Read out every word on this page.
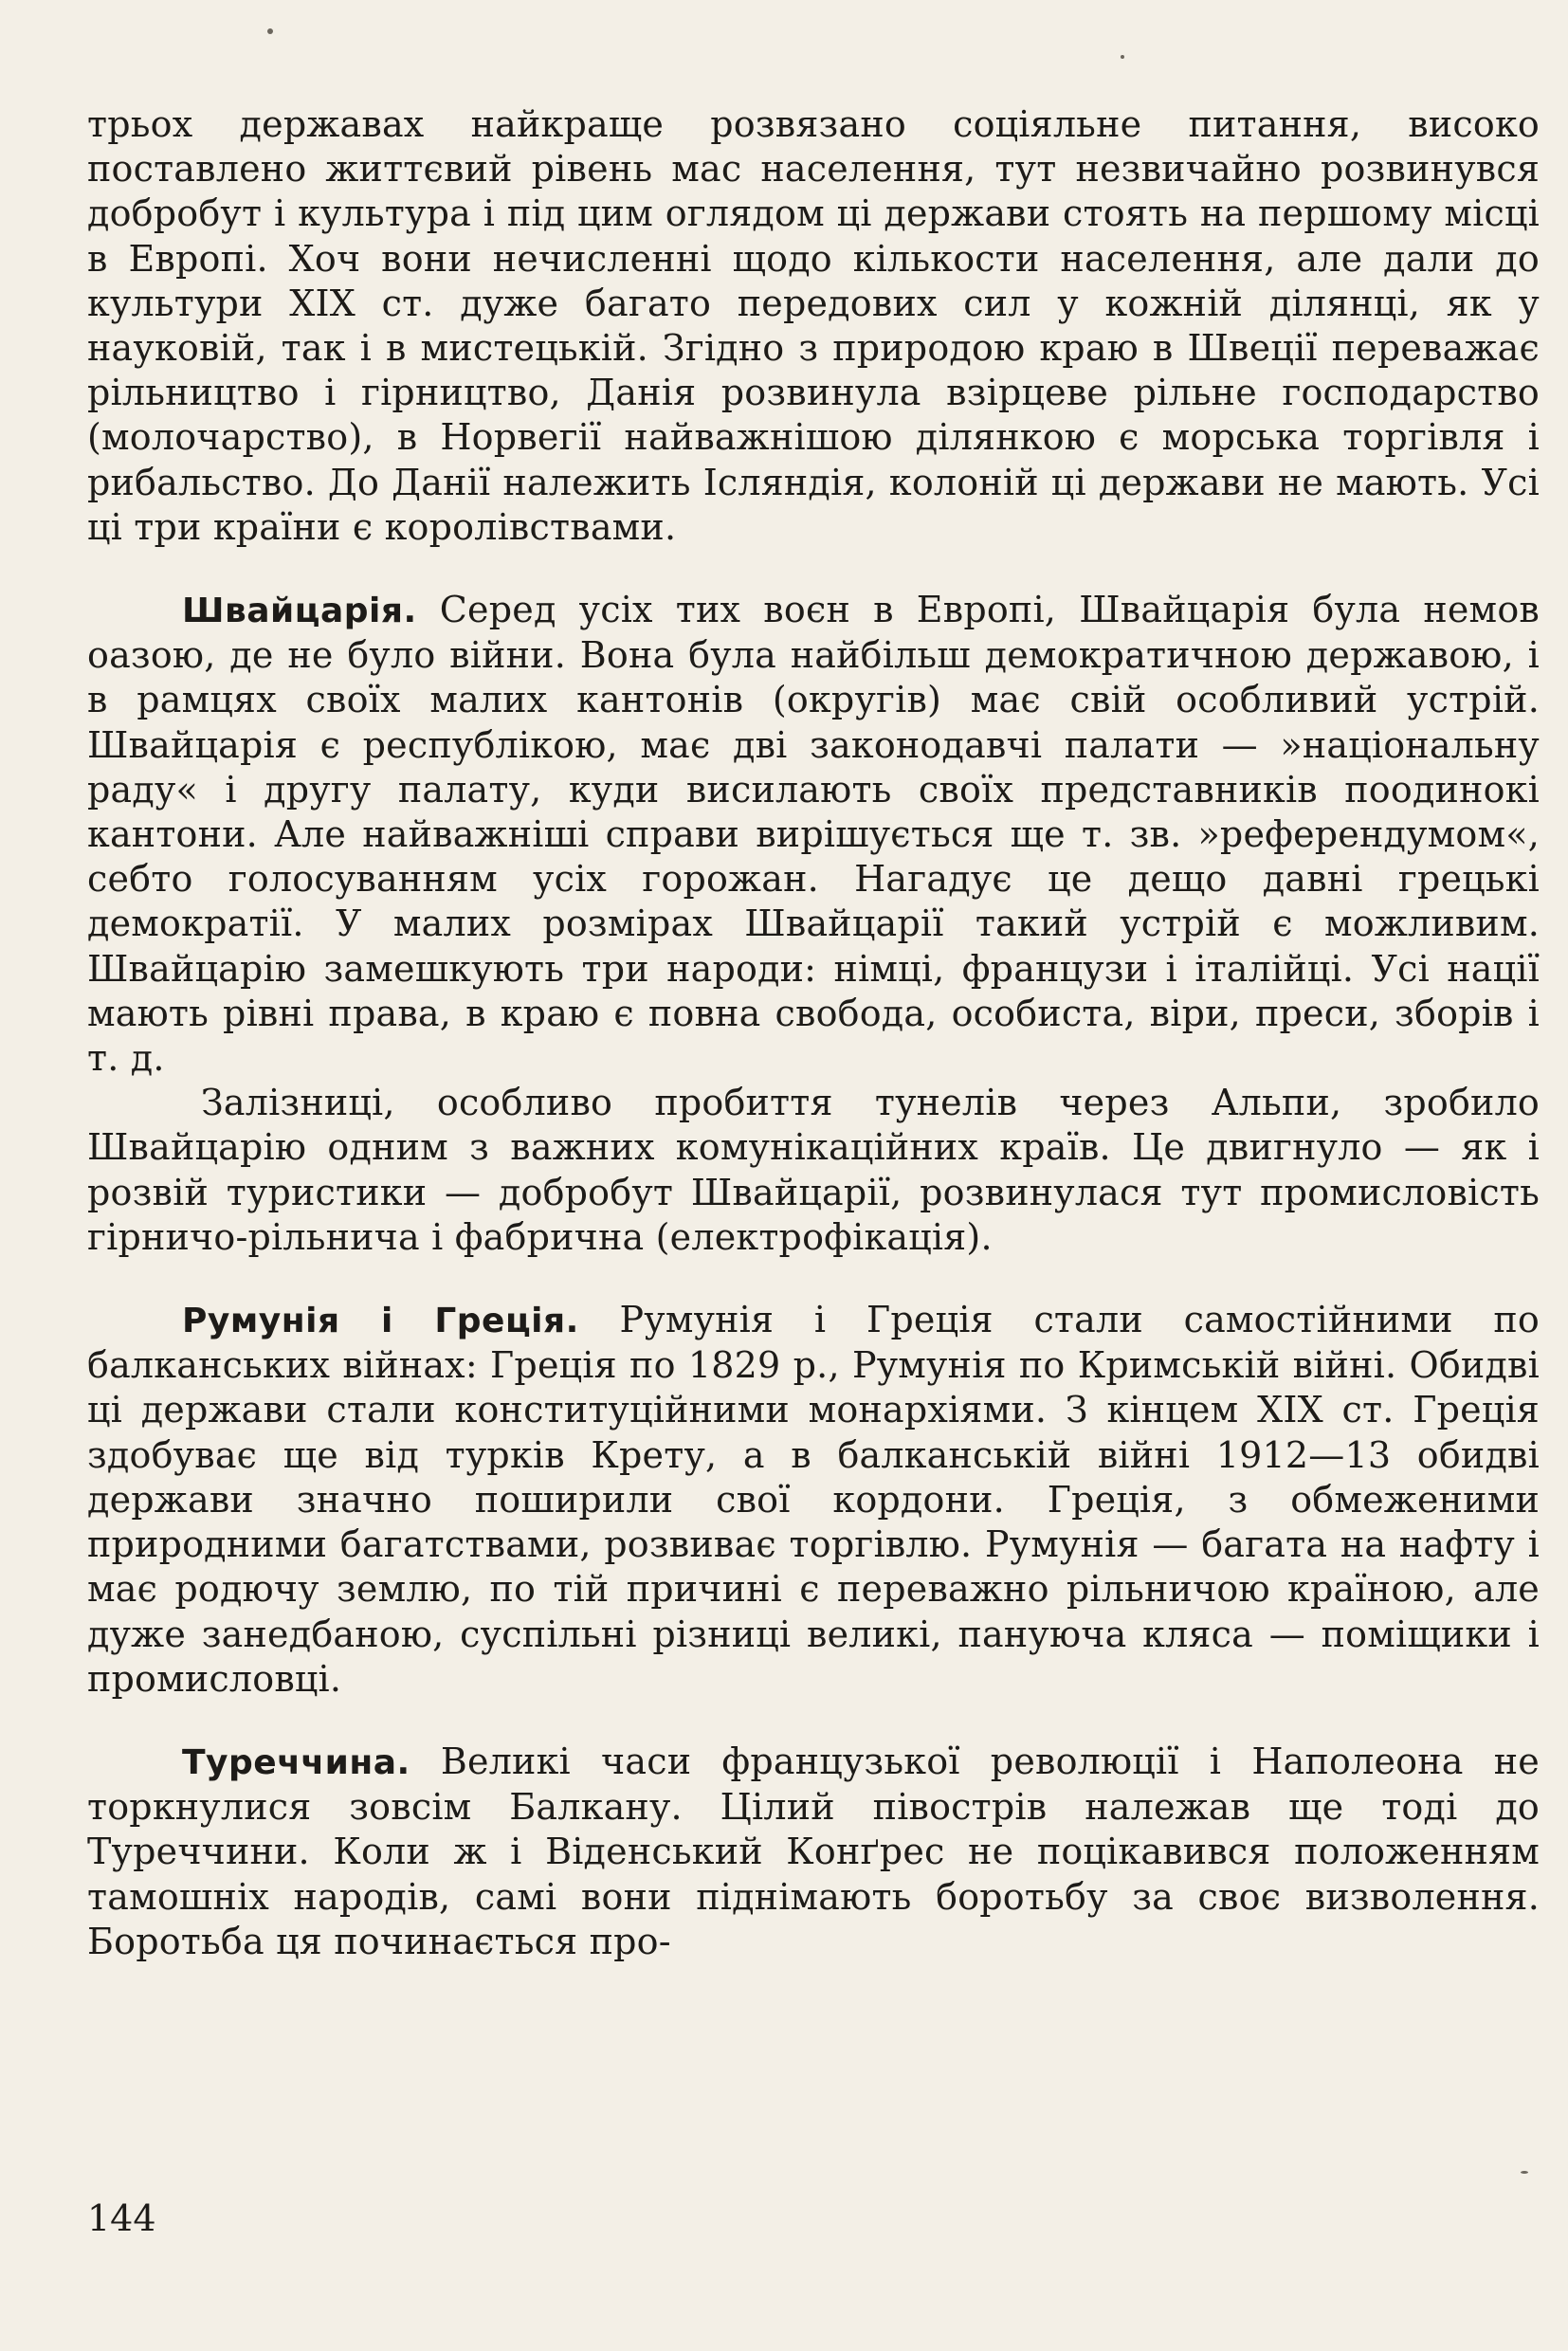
трьох державах найкраще розвязано соціяльне питання, високо поставлено життєвий рівень мас населення, тут незвичайно розвинувся добробут і культура і під цим оглядом ці держави стоять на першому місці в Европі. Хоч вони нечисленні щодо кількости населення, але дали до культури XIX ст. дуже багато передових сил у кожній ділянці, як у науковій, так і в мистецькій. Згідно з природою краю в Швеції переважає рільництво і гірництво, Данія розвинула взірцеве рільне господарство (молочарство), в Норвегії найважнішою ділянкою є морська торгівля і рибальство. До Данії належить Ісляндія, колоній ці держави не мають. Усі ці три країни є королівствами.

Швайцарія. Серед усіх тих воєн в Европі, Швайцарія була немов оазою, де не було війни. Вона була найбільш демократичною державою, і в рамцях своїх малих кантонів (округів) має свій особливий устрій. Швайцарія є республікою, має дві законодавчі палати — »національну раду« і другу палату, куди висилають своїх представників поодинокі кантони. Але найважніші справи вирішується ще т. зв. »референдумом«, себто голосуванням усіх горожан. Нагадує це дещо давні грецькі демократії. У малих розмірах Швайцарії такий устрій є можливим. Швайцарію замешкують три народи: німці, французи і італійці. Усі нації мають рівні права, в краю є повна свобода, особиста, віри, преси, зборів і т. д.

Залізниці, особливо пробиття тунелів через Альпи, зробило Швайцарію одним з важних комунікаційних країв. Це двигнуло — як і розвій туристики — добробут Швайцарії, розвинулася тут промисловість гірничо-рільнича і фабрична (електрофікація).

Румунія і Греція. Румунія і Греція стали самостійними по балканських війнах: Греція по 1829 р., Румунія по Кримській війні. Обидві ці держави стали конституційними монархіями. З кінцем XIX ст. Греція здобуває ще від турків Крету, а в балканській війні 1912—13 обидві держави значно поширили свої кордони. Греція, з обмеженими природними багатствами, розвиває торгівлю. Румунія — багата на нафту і має родючу землю, по тій причині є переважно рільничою країною, але дуже занедбаною, суспільні різниці великі, пануюча кляса — поміщики і промисловці.

Туреччина. Великі часи французької революції і Наполеона не торкнулися зовсім Балкану. Цілий півострів належав ще тоді до Туреччини. Коли ж і Віденський Конґрес не поцікавився положенням тамошніх народів, самі вони піднімають боротьбу за своє визволення. Боротьба ця починається про-

144
